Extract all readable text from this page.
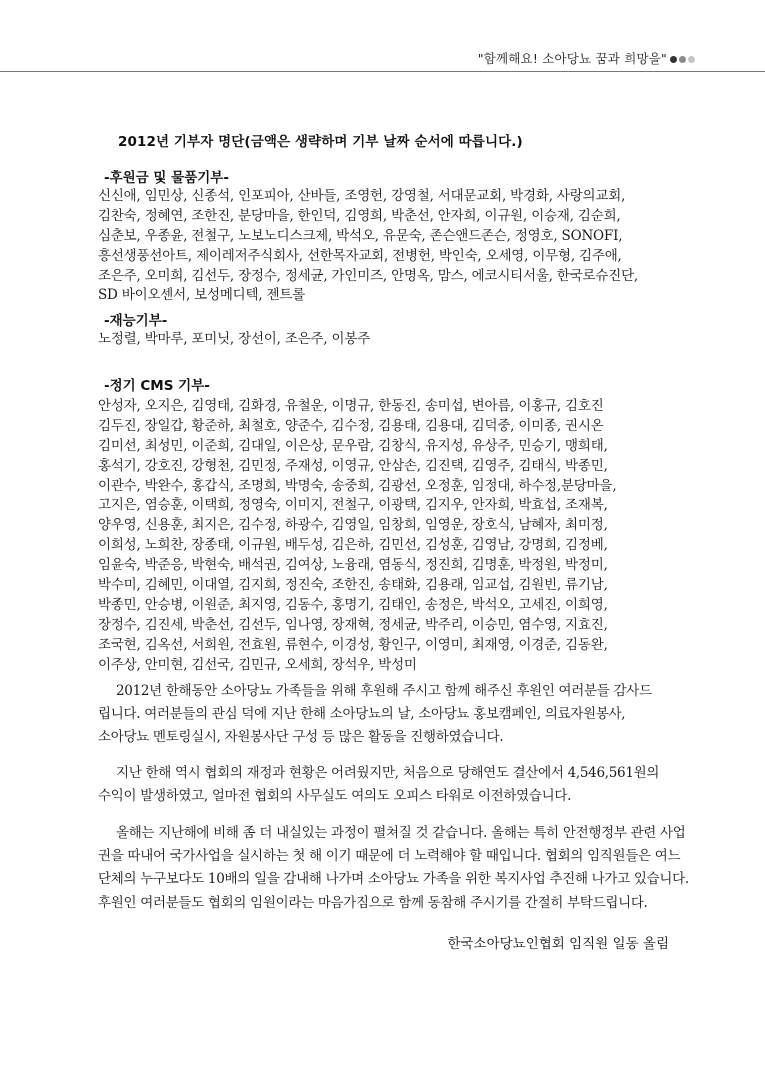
"함께해요! 소아당뇨 꿈과 희망을"
2012년 기부자 명단(금액은 생략하며 기부 날짜 순서에 따릅니다.)
-후원금 및 물품기부-
신신애, 임민상, 신종석, 인포피아, 산바들, 조영헌, 강영철, 서대문교회, 박경화, 사랑의교회,
김찬숙, 정혜연, 조한진, 분당마을, 한인덕, 김영희, 박춘선, 안자희, 이규원, 이승재, 김순희,
심춘보, 우종윤, 전철구, 노보노디스크제, 박석오, 유문숙, 존슨앤드존슨, 정영호, SONOFI,
흥선생풍선아트, 제이레저주식회사, 선한목자교회, 전병헌, 박인숙, 오세영, 이무형, 김주애,
조은주, 오미희, 김선두, 장정수, 정세균, 가인미즈, 안명옥, 맘스, 에코시티서울, 한국로슈진단,
SD 바이오센서, 보성메디텍, 젠트롤
-재능기부-
노정렬, 박마루, 포미닛, 장선이, 조은주, 이봉주
-정기 CMS 기부-
안성자, 오지은, 김영태, 김화경, 유철운, 이명규, 한동진, 송미섭, 변아름, 이홍규, 김호진
김두진, 장일갑, 황준하, 최철호, 양준수, 김수정, 김용태, 김용대, 김덕중, 이미종, 권시온
김미선, 최성민, 이준희, 김대일, 이은상, 문우람, 김창식, 유지성, 유상주, 민승기, 맹희태,
홍석기, 강호진, 강형천, 김민정, 주재성, 이영규, 안삼손, 김진택, 김영주, 김태식, 박종민,
이관수, 박완수, 홍갑식, 조명희, 박명숙, 송중희, 김광선, 오정훈, 임정대, 하수정,분당마을,
고지은, 염승훈, 이택희, 정영숙, 이미지, 전철구, 이광택, 김지우, 안자희, 박효섭, 조재복,
양우영, 신용훈, 최지은, 김수정, 하광수, 김영일, 임창희, 임영운, 장호식, 남혜자, 최미정,
이희성, 노희찬, 장종태, 이규원, 배두성, 김은하, 김민선, 김성훈, 김영남, 강명희, 김정베,
임윤숙, 박준응, 박현숙, 배석권, 김여상, 노융래, 염동식, 정진희, 김명훈, 박정원, 박정미,
박수미, 김혜민, 이대열, 김지희, 정진숙, 조한진, 송태화, 김용래, 임교섭, 김원빈, 류기남,
박종민, 안승병, 이원준, 최지영, 김동수, 홍명기, 김태인, 송정은, 박석오, 고세진, 이희영,
장정수, 김진세, 박춘선, 김선두, 임나영, 장재혁, 정세균, 박주리, 이승민, 염수영, 지효진,
조국현, 김옥선, 서희원, 전효원, 류현수, 이경성, 황인구, 이영미, 최재영, 이경준, 김동완,
이주상, 안미현, 김선국, 김민규, 오세희, 장석우, 박성미
2012년 한해동안 소아당뇨 가족들을 위해 후원해 주시고 함께 해주신 후원인 여러분들 감사드
립니다. 여러분들의 관심 덕에 지난 한해 소아당뇨의 날, 소아당뇨 홍보캠페인, 의료자원봉사,
소아당뇨 멘토링실시, 자원봉사단 구성 등 많은 활동을 진행하였습니다.
지난 한해 역시 협회의 재정과 현황은 어려웠지만, 처음으로 당해연도 결산에서 4,546,561원의
수익이 발생하였고, 얼마전 협회의 사무실도 여의도 오피스 타워로 이전하였습니다.
올해는 지난해에 비해 좀 더 내실있는 과정이 펼쳐질 것 같습니다. 올해는 특히 안전행정부 관련 사업
권을 따내어 국가사업을 실시하는 첫 해 이기 때문에 더 노력해야 할 때입니다. 협회의 임직원들은 여느
단체의 누구보다도 10배의 일을 감내해 나가며 소아당뇨 가족을 위한 복지사업 추진해 나가고 있습니다.
후원인 여러분들도 협회의 임원이라는 마음가짐으로 함께 동참해 주시기를 간절히 부탁드립니다.
한국소아당뇨인협회 임직원 일동 올림
